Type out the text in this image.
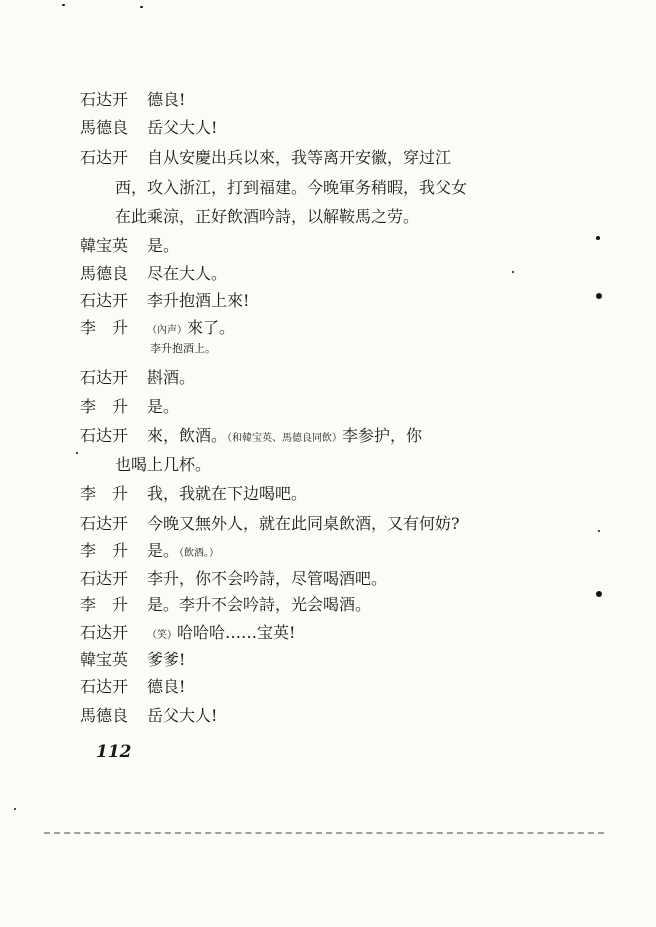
石达开	德良!
馬德良	岳父大人!
石达开	自从安慶出兵以來，我等离开安徽，穿过江
西，攻入浙江，打到福建。今晚軍务稍暇，我父女
在此乘涼，正好飲酒吟詩，以解鞍馬之劳。
韓宝英	是。
馬德良	尽在大人。
石达开	李升抱酒上來!
李　升	（內声）來了。
李升抱酒上。
石达开	斟酒。
李　升	是。
石达开	來，飲酒。（和韓宝英、馬德良同飲）李参护，你
也喝上几杯。
李　升	我，我就在下边喝吧。
石达开	今晚又無外人，就在此同桌飲酒，又有何妨?
李　升	是。（飲酒。）
石达开	李升，你不会吟詩，尽管喝酒吧。
李　升	是。李升不会吟詩，光会喝酒。
石达开	（笑）哈哈哈……宝英!
韓宝英	爹爹!
石达开	德良!
馬德良	岳父大人!
112
